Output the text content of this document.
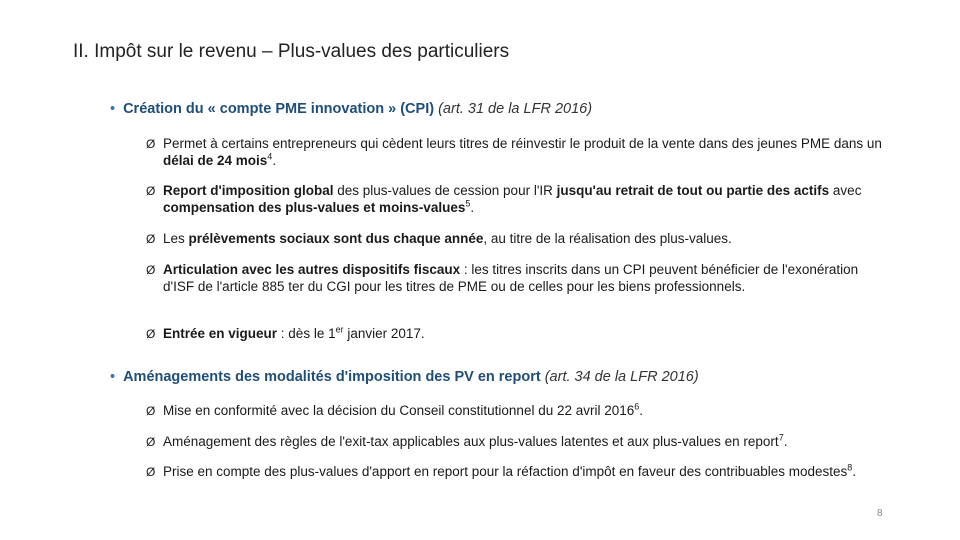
II. Impôt sur le revenu – Plus-values des particuliers
• Création du « compte PME innovation » (CPI) (art. 31 de la LFR 2016)
Ø Permet à certains entrepreneurs qui cèdent leurs titres de réinvestir le produit de la vente dans des jeunes PME dans un délai de 24 mois$^4$.
Ø Report d'imposition global des plus-values de cession pour l'IR jusqu'au retrait de tout ou partie des actifs avec compensation des plus-values et moins-values$^5$.
Ø Les prélèvements sociaux sont dus chaque année, au titre de la réalisation des plus-values.
Ø Articulation avec les autres dispositifs fiscaux : les titres inscrits dans un CPI peuvent bénéficier de l'exonération d'ISF de l'article 885 ter du CGI pour les titres de PME ou de celles pour les biens professionnels.
Ø Entrée en vigueur : dès le 1er janvier 2017.
• Aménagements des modalités d'imposition des PV en report (art. 34 de la LFR 2016)
Ø Mise en conformité avec la décision du Conseil constitutionnel du 22 avril 2016$^6$.
Ø Aménagement des règles de l'exit-tax applicables aux plus-values latentes et aux plus-values en report$^7$.
Ø Prise en compte des plus-values d'apport en report pour la réfaction d'impôt en faveur des contribuables modestes$^8$.
8
